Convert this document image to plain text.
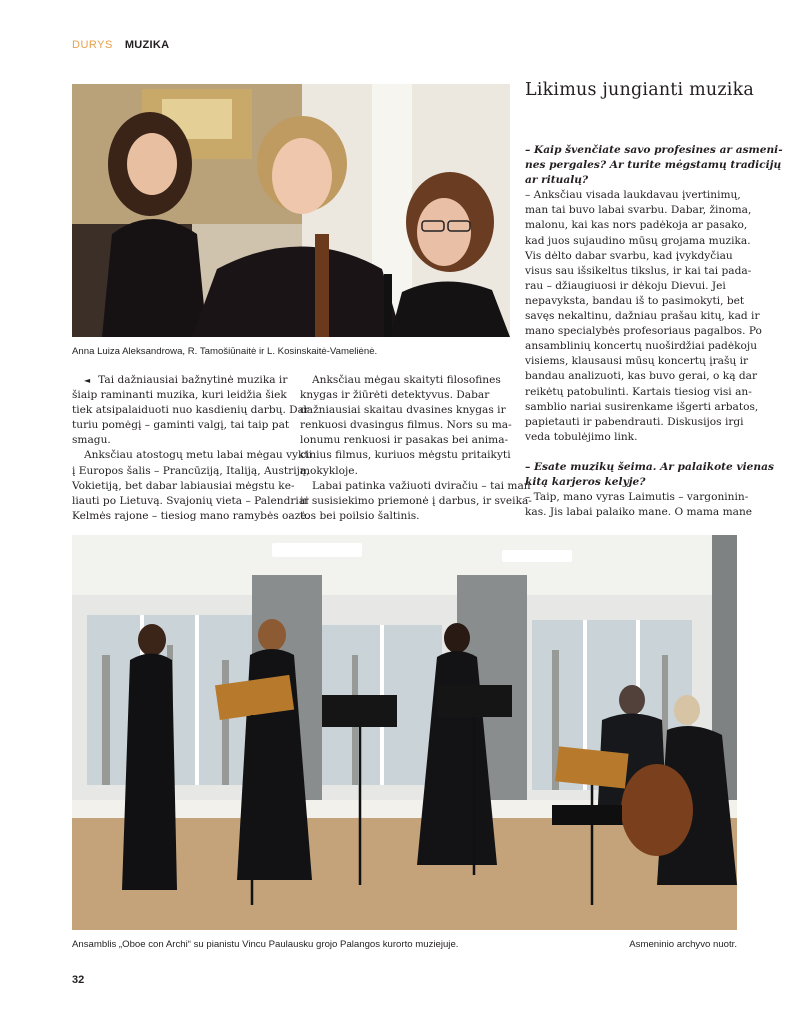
DURYS MUZIKA
Anna Luiza Aleksandrowa, R. Tamošiūnaitė ir L. Kosinskaitė-Vameliėnė.
Likimus jungianti muzika
◄ Tai dažniausiai bažnytinė muzika ir
šiaip raminanti muzika, kuri leidžia šiek
tiek atsipalaiduoti nuo kasdienių darbų. Dar
turiu pomėgį – gaminti valgį, tai taip pat
smagu.
Anksčiau atostogų metu labai mėgau vykti
į Europos šalis – Prancūziją, Italiją, Austriją,
Vokietiją, bet dabar labiausiai mėgstu ke-
liauti po Lietuvą. Svajonių vieta – Palendriai
Kelmės rajone – tiesiog mano ramybės oazė.
Anksčiau mėgau skaityti filosofines
knygas ir žiūrėti detektyvus. Dabar
dažniausiai skaitau dvasines knygas ir
renkuosi dvasingus filmus. Nors su ma-
lonumu renkuosi ir pasakas bei anima-
cinius filmus, kuriuos mėgstu pritaikyti
mokykloje.
Labai patinka važiuoti dviračiu – tai man
ir susisiekimo priemonė į darbus, ir sveika-
tos bei poilsio šaltinis.
– Kaip švenčiate savo profesines ar asmeni-
nes pergales? Ar turite mėgstamų tradicijų
ar ritualų?
– Anksčiau visada laukdavau įvertinimų,
man tai buvo labai svarbu. Dabar, žinoma,
malonu, kai kas nors padėkoja ar pasako,
kad juos sujaudino mūsų grojama muzika.
Vis dėlto dabar svarbu, kad įvykdyčiau
visus sau išsikeltus tikslus, ir kai tai pada-
rau – džiaugiuosi ir dėkoju Dievui. Jei
nepavyksta, bandau iš to pasimokyti, bet
savęs nekaltinu, dažniau prašau kitų, kad ir
mano specialybės profesoriaus pagalbos. Po
ansamblinių koncertų nuoširdžiai padėkoju
visiems, klausausi mūsų koncertų įrašų ir
bandau analizuoti, kas buvo gerai, o ką dar
reikėtų patobulinti. Kartais tiesiog visi an-
samblio nariai susirenkame išgerti arbatos,
papietauti ir pabendrauti. Diskusijos irgi
veda tobulėjimo link.
– Esate muzikų šeima. Ar palaikote vienas
kitą karjeros kelyje?
– Taip, mano vyras Laimutis – vargoninin-
kas. Jis labai palaiko mane. O mama mane
Ansamblis „Oboe con Archi“ su pianistu Vincu Paulausku grojo Palangos kurorto muziejuje.	Asmeninio archyvo nuotr.
32
